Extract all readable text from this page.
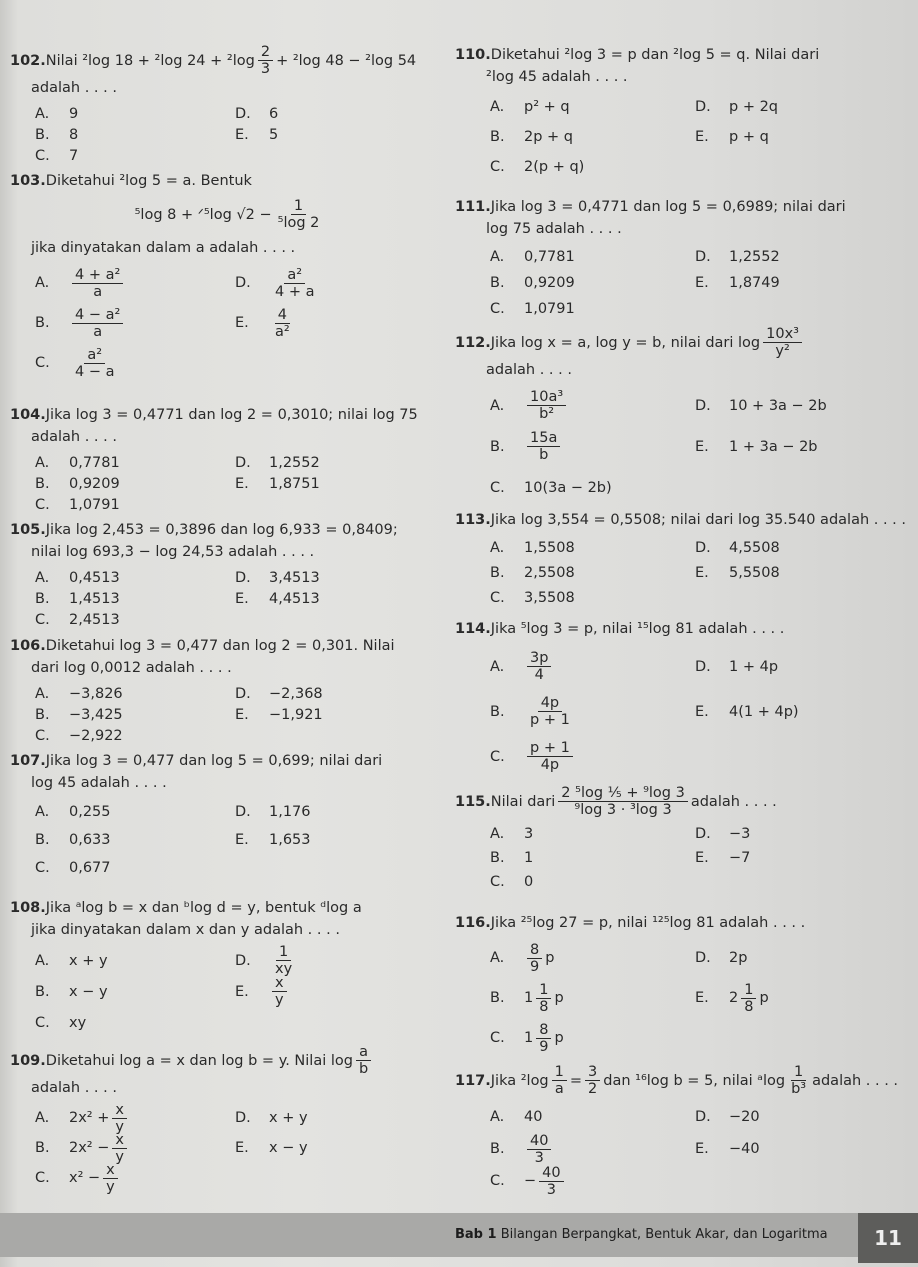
102. Nilai ²log 18 + ²log $24 + ^2\log \frac{2}{3} + ^2\log$ 48 − ²log 54
adalah . . . .
A.	9	D.	6
B.	8	E.	5
C.	7
103. Diketahui ²log 5 = a. Bentuk
⁵log 8 + ᐟ⁵log $√2 - \frac{1}{\text{⁵log 2}}$
jika dinyatakan dalam a adalah . . . .
A.	$\frac{\text{4 + a²}}{a}$	D.	$\frac{\text{a²}}{4 + a}$
B.	$\frac{\text{4 − a²}}{a}$	E.	$\frac{4}{\text{a²}}$
C.	$\frac{\text{a²}}{4 - a}$
104. Jika log 3 = 0,4771 dan log 2 = 0,3010; nilai log 75
adalah . . . .
A.	0,7781	D.	1,2552
B.	0,9209	E.	1,8751
C.	1,0791
105. Jika log 2,453 = 0,3896 dan log 6,933 = 0,8409;
nilai log 693,3 − log 24,53 adalah . . . .
A.	0,4513	D.	3,4513
B.	1,4513	E.	4,4513
C.	2,4513
106. Diketahui log 3 = 0,477 dan log 2 = 0,301. Nilai
dari log 0,0012 adalah . . . .
A.	−3,826	D.	−2,368
B.	−3,425	E.	−1,921
C.	−2,922
107. Jika log 3 = 0,477 dan log 5 = 0,699; nilai dari
log 45 adalah . . . .
A.	0,255	D.	1,176
B.	0,633	E.	1,653
C.	0,677
108. Jika ᵃlog b = x dan ᵇlog d = y, bentuk ᵈlog a
jika dinyatakan dalam x dan y adalah . . . .
A.	x + y	D.	$\frac{1}{xy}$
B.	x − y	E.	$\frac{x}{y}$
C.	xy
109. Diketahui log a = x dan log b = y. Nilai $\log \frac{a}{b}$
adalah . . . .
A.	$2x^2 + \frac{x}{y}$	D.	x + y
B.	$2x^2 - \frac{x}{y}$	E.	x − y
C.	$x^2 - \frac{x}{y}$
110. Diketahui ²log 3 = p dan ²log 5 = q. Nilai dari
²log 45 adalah . . . .
A.	p² + q	D.	p + 2q
B.	2p + q	E.	p + q
C.	2(p + q)
111. Jika log 3 = 0,4771 dan log 5 = 0,6989; nilai dari
log 75 adalah . . . .
A.	0,7781	D.	1,2552
B.	0,9209	E.	1,8749
C.	1,0791
112. Jika log x = a, log y = b, nilai dari $\log \frac{\text{10x³}}{\text{y²}}$
adalah . . . .
A.	$\frac{\text{10a³}}{\text{b²}}$	D.	10 + 3a − 2b
B.	$\frac{15a}{b}$	E.	1 + 3a − 2b
C.	10(3a − 2b)
113. Jika log 3,554 = 0,5508; nilai dari log 35.540 adalah . . . .
A.	1,5508	D.	4,5508
B.	2,5508	E.	5,5508
C.	3,5508
114. Jika ⁵log 3 = p, nilai ¹⁵log 81 adalah . . . .
A.	$\frac{3p}{4}$	D.	1 + 4p
B.	$\frac{4p}{p + 1}$	E.	4(1 + 4p)
C.	$\frac{p + 1}{4p}$
115. Nilai dari $\frac{\text{2 ⁵log ⅕ + ⁹log 3}}{\text{⁹log 3 · ³log 3}}$ adalah . . . .
A.	3	D.	−3
B.	1	E.	−7
C.	0
116. Jika ²⁵log 27 = p, nilai ¹²⁵log 81 adalah . . . .
A.	$\frac{8}{9}$ p	D.	2p
B.	$1 \frac{1}{8}$ p	E.	$2 \frac{1}{8}$ p
C.	$1 \frac{8}{9}$ p
117. Jika $^2\log \frac{1}{a} = \frac{3}{2}$ dan ¹⁶log b = 5, nilai ᵃlog $\frac{1}{\text{b³}}$ adalah . . . .
A.	40	D.	−20
B.	$\frac{40}{3}$	E.	−40
C.	− $\frac{40}{3}$
Bab 1 Bilangan Berpangkat, Bentuk Akar, dan Logaritma	11
